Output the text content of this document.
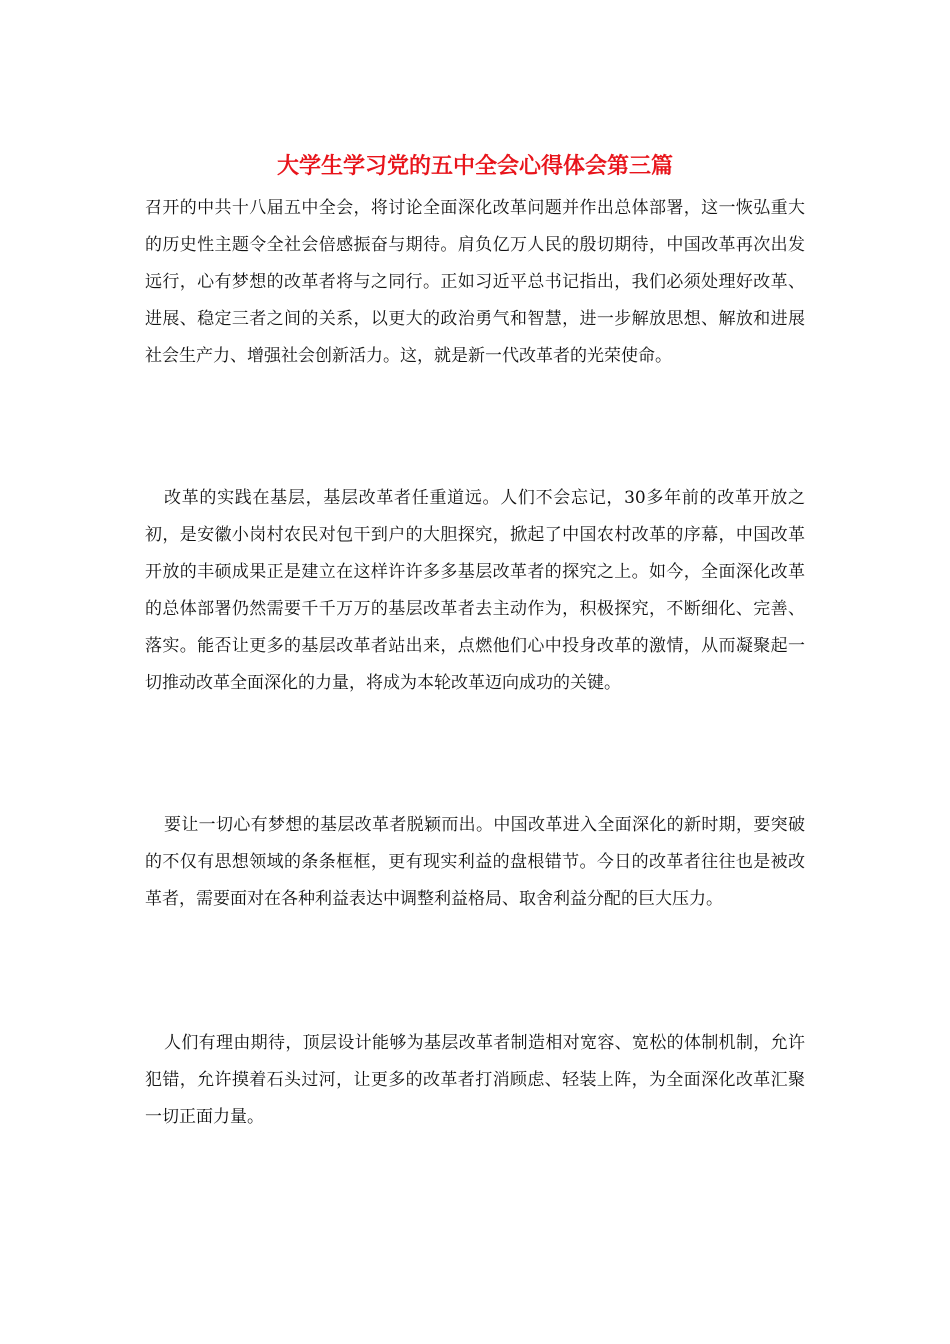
大学生学习党的五中全会心得体会第三篇

召开的中共十八届五中全会，将讨论全面深化改革问题并作出总体部署，这一恢弘重大的历史性主题令全社会倍感振奋与期待。肩负亿万人民的殷切期待，中国改革再次出发远行，心有梦想的改革者将与之同行。正如习近平总书记指出，我们必须处理好改革、进展、稳定三者之间的关系，以更大的政治勇气和智慧，进一步解放思想、解放和进展社会生产力、增强社会创新活力。这，就是新一代改革者的光荣使命。

改革的实践在基层，基层改革者任重道远。人们不会忘记，30多年前的改革开放之初，是安徽小岗村农民对包干到户的大胆探究，掀起了中国农村改革的序幕，中国改革开放的丰硕成果正是建立在这样许许多多基层改革者的探究之上。如今，全面深化改革的总体部署仍然需要千千万万的基层改革者去主动作为，积极探究，不断细化、完善、落实。能否让更多的基层改革者站出来，点燃他们心中投身改革的激情，从而凝聚起一切推动改革全面深化的力量，将成为本轮改革迈向成功的关键。

要让一切心有梦想的基层改革者脱颖而出。中国改革进入全面深化的新时期，要突破的不仅有思想领域的条条框框，更有现实利益的盘根错节。今日的改革者往往也是被改革者，需要面对在各种利益表达中调整利益格局、取舍利益分配的巨大压力。

人们有理由期待，顶层设计能够为基层改革者制造相对宽容、宽松的体制机制，允许犯错，允许摸着石头过河，让更多的改革者打消顾虑、轻装上阵，为全面深化改革汇聚一切正面力量。
